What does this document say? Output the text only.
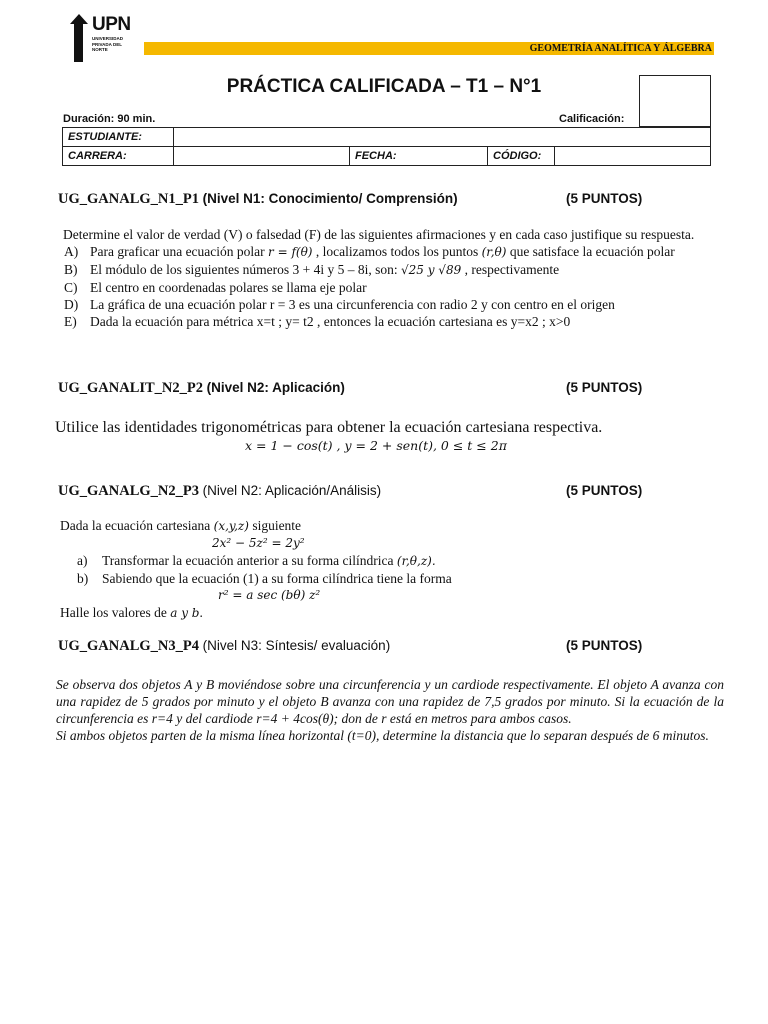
UPN
UNIVERSIDAD PRIVADA DEL NORTE	GEOMETRÍA ANALÍTICA Y ÁLGEBRA
PRÁCTICA CALIFICADA – T1 – N°1
Duración: 90 min.	Calificación:
ESTUDIANTE:				
CARRERA:		FECHA:	CÓDIGO:	
UG_GANALG_N1_P1 (Nivel N1: Conocimiento/ Comprensión)	(5 PUNTOS)

Determine el valor de verdad (V) o falsedad (F) de las siguientes afirmaciones y en cada caso justifique su respuesta.

A) Para graficar una ecuación polar r = f(θ) , localizamos todos los puntos (r,θ) que satisface la ecuación polar
B) El módulo de los siguientes números 3 + 4i y 5 – 8i, son: √25 y √89 , respectivamente
C) El centro en coordenadas polares se llama eje polar
D) La gráfica de una ecuación polar r = 3 es una circunferencia con radio 2 y con centro en el origen
E) Dada la ecuación para métrica x=t ; y= t2 , entonces la ecuación cartesiana es y=x2 ; x>0
UG_GANALIT_N2_P2 (Nivel N2: Aplicación)	(5 PUNTOS)
Utilice las identidades trigonométricas para obtener la ecuación cartesiana respectiva.
x = 1 − cos(t) , y = 2 + sen(t), 0 ≤ t ≤ 2π
UG_GANALG_N2_P3 (Nivel N2: Aplicación/Análisis)	(5 PUNTOS)

Dada la ecuación cartesiana (x,y,z) siguiente

2x² − 5z² = 2y²

a)	Transformar la ecuación anterior a su forma cilíndrica (r,θ,z).
b)	Sabiendo que la ecuación (1) a su forma cilíndrica tiene la forma

r² = a sec (bθ) z²

Halle los valores de a y b.

UG_GANALG_N3_P4 (Nivel N3: Síntesis/ evaluación)	(5 PUNTOS)

Se observa dos objetos A y B moviéndose sobre una circunferencia y un cardiode respectivamente. El objeto A avanza con una rapidez de 5 grados por minuto y el objeto B avanza con una rapidez de 7,5 grados por minuto. Si la ecuación de la circunferencia es r=4 y del cardiode r=4 + 4cos(θ); don de r está en metros para ambos casos.

Si ambos objetos parten de la misma línea horizontal (t=0), determine la distancia que lo separan después de 6 minutos.
